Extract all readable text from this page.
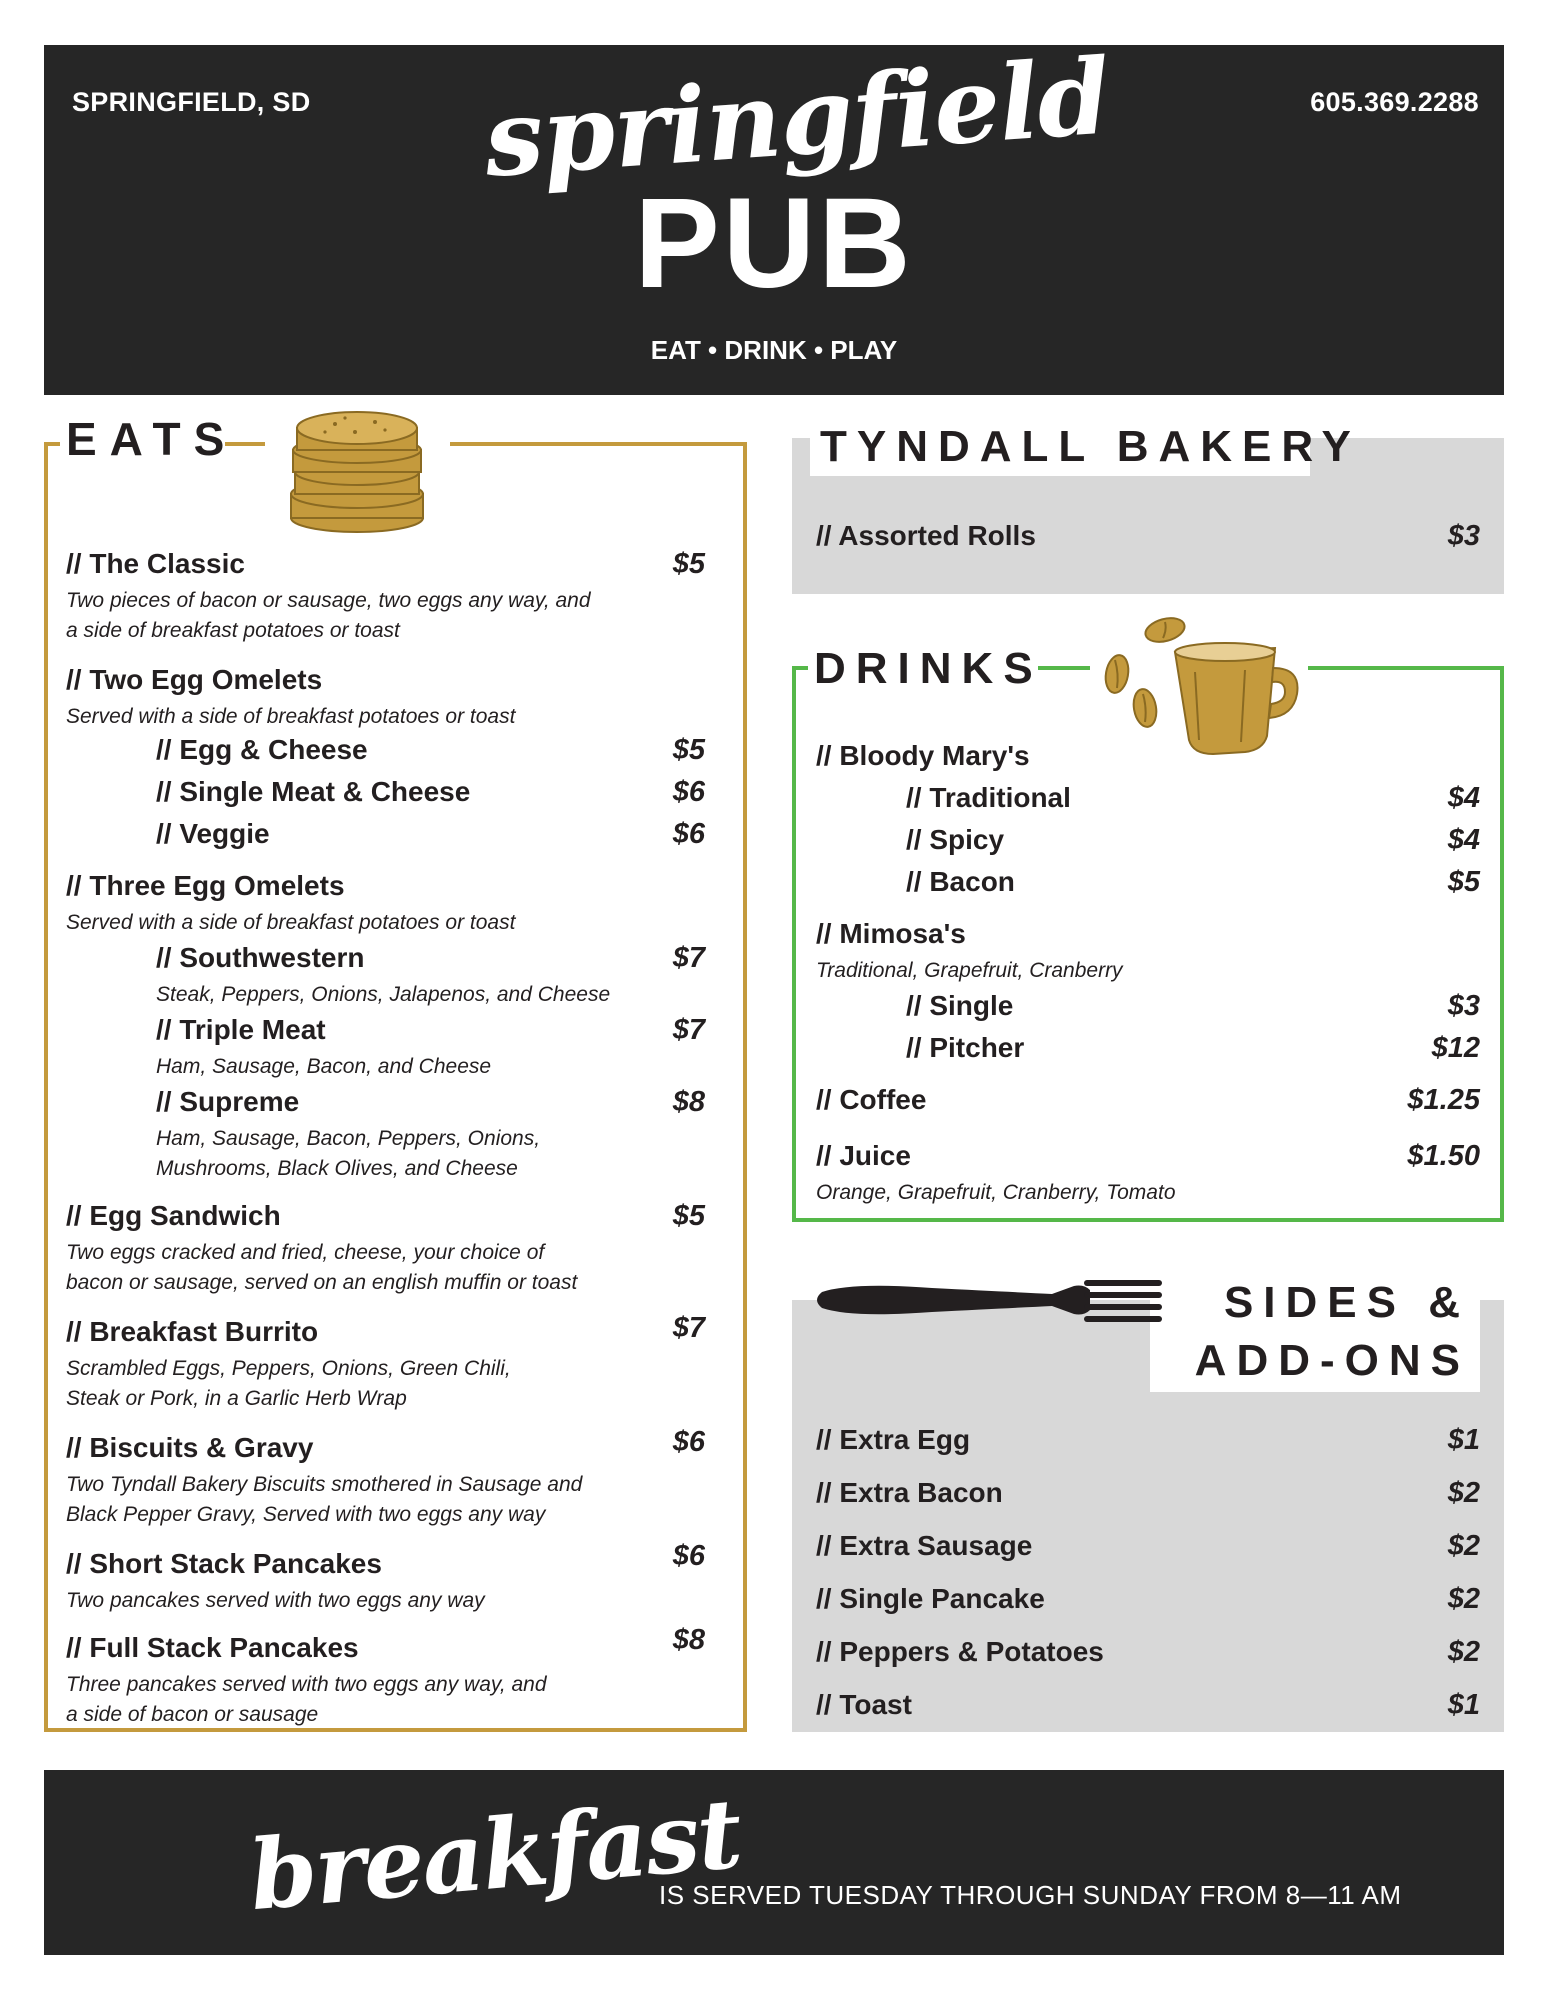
SPRINGFIELD, SD	605.369.2288
springfield
PUB
EAT • DRINK • PLAY
EATS
// The Classic	$5
Two pieces of bacon or sausage, two eggs any way, and
a side of breakfast potatoes or toast
// Two Egg Omelets
Served with a side of breakfast potatoes or toast
// Egg & Cheese	$5
// Single Meat & Cheese	$6
// Veggie	$6
// Three Egg Omelets
Served with a side of breakfast potatoes or toast
// Southwestern	$7
Steak, Peppers, Onions, Jalapenos, and Cheese
// Triple Meat	$7
Ham, Sausage, Bacon, and Cheese
// Supreme	$8
Ham, Sausage, Bacon, Peppers, Onions,
Mushrooms, Black Olives, and Cheese
// Egg Sandwich	$5
Two eggs cracked and fried, cheese, your choice of
bacon or sausage, served on an english muffin or toast
// Breakfast Burrito	$7
Scrambled Eggs, Peppers, Onions, Green Chili,
Steak or Pork, in a Garlic Herb Wrap
// Biscuits & Gravy	$6
Two Tyndall Bakery Biscuits smothered in Sausage and
Black Pepper Gravy, Served with two eggs any way
// Short Stack Pancakes	$6
Two pancakes served with two eggs any way
// Full Stack Pancakes	$8
Three pancakes served with two eggs any way, and
a side of bacon or sausage
TYNDALL BAKERY
// Assorted Rolls	$3
DRINKS
// Bloody Mary's
// Traditional	$4
// Spicy	$4
// Bacon	$5
// Mimosa's
Traditional, Grapefruit, Cranberry
// Single	$3
// Pitcher	$12
// Coffee	$1.25
// Juice	$1.50
Orange, Grapefruit, Cranberry, Tomato
SIDES &
ADD-ONS
// Extra Egg	$1
// Extra Bacon	$2
// Extra Sausage	$2
// Single Pancake	$2
// Peppers & Potatoes	$2
// Toast	$1
breakfast
IS SERVED TUESDAY THROUGH SUNDAY FROM 8—11 AM
